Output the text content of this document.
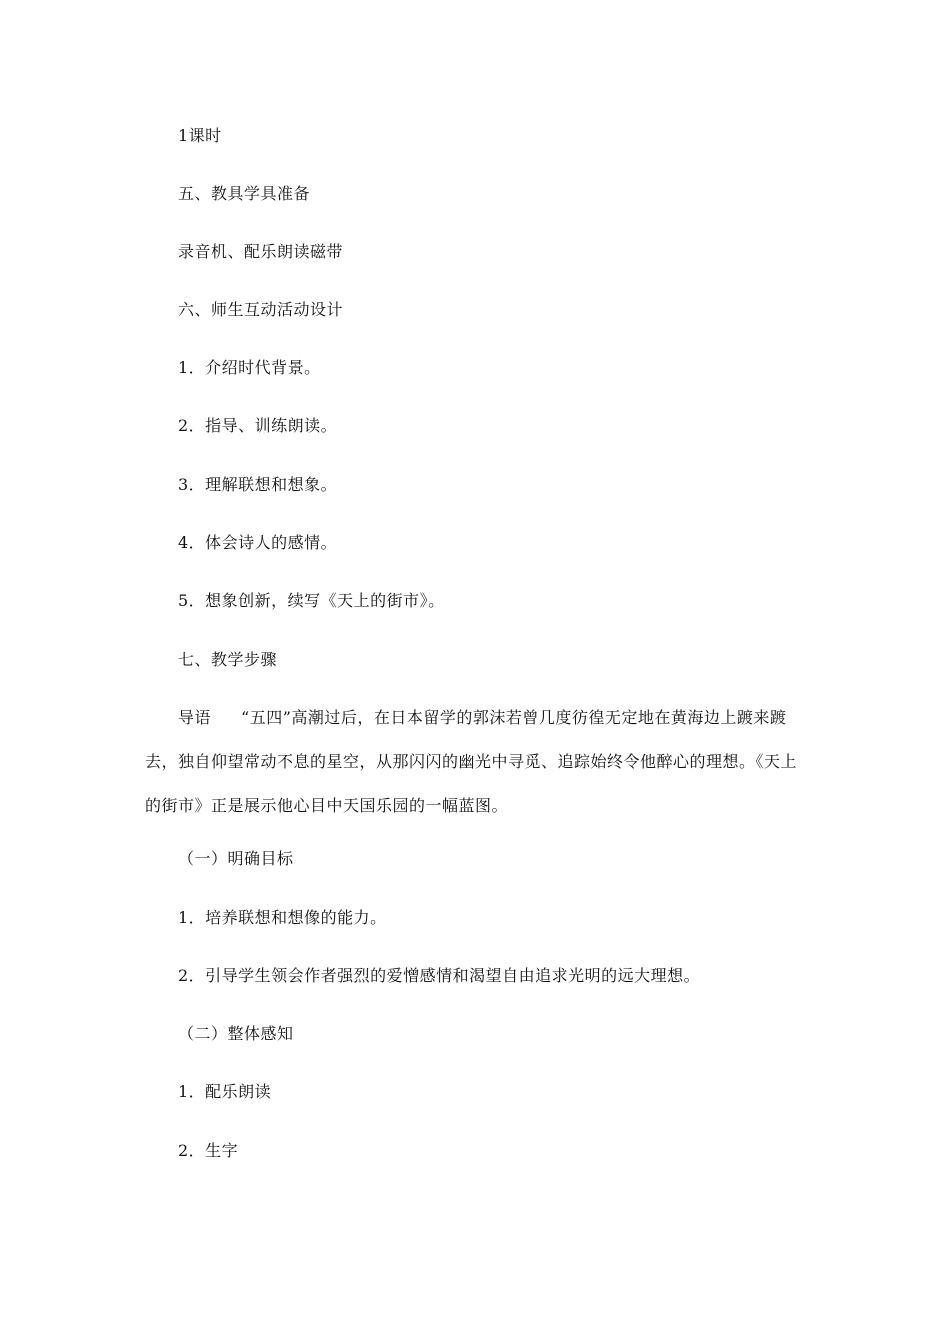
1课时
五、教具学具准备
录音机、配乐朗读磁带
六、师生互动活动设计
1．介绍时代背景。
2．指导、训练朗读。
3．理解联想和想象。
4．体会诗人的感情。
5．想象创新，续写《天上的街市》。
七、教学步骤
导语 “五四”高潮过后，在日本留学的郭沫若曾几度彷徨无定地在黄海边上踱来踱去，独自仰望常动不息的星空，从那闪闪的幽光中寻觅、追踪始终令他醉心的理想。《天上的街市》正是展示他心目中天国乐园的一幅蓝图。
（一）明确目标
1．培养联想和想像的能力。
2．引导学生领会作者强烈的爱憎感情和渴望自由追求光明的远大理想。
（二）整体感知
1．配乐朗读
2．生字
